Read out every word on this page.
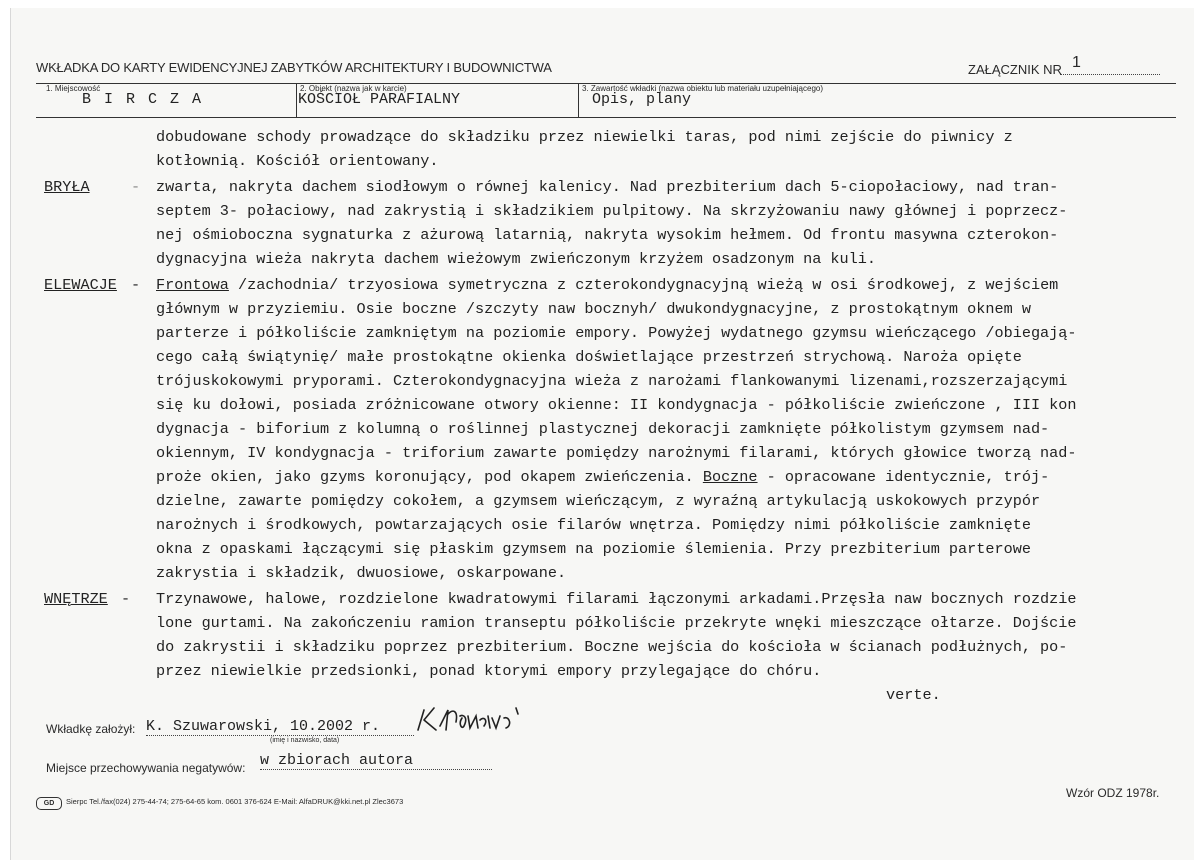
WKŁADKA DO KARTY EWIDENCYJNEJ ZABYTKÓW ARCHITEKTURY I BUDOWNICTWA	ZAŁĄCZNIK NR 1
1. Miejscowość
B I R C Z A
2. Obiekt (nazwa jak w karcie)
KOŚCIOŁ PARAFIALNY
3. Zawartość wkładki (nazwa obiektu lub materiału uzupełniającego)
Opis, plany
dobudowane schody prowadzące do składziku przez niewielki taras, pod nimi zejście do piwnicy z
kotłownią. Kościół orientowany.
BRYŁA	- zwarta, nakryta dachem siodłowym o równej kalenicy. Nad prezbiterium dach 5-ciopołaciowy, nad tran-
septem 3- połaciowy, nad zakrystią i składzikiem pulpitowy. Na skrzyżowaniu nawy głównej i poprzecz-
nej ośmioboczna sygnaturka z ażurową latarnią, nakryta wysokim hełmem. Od frontu masywna czterokon-
dygnacyjna wieża nakryta dachem wieżowym zwieńczonym krzyżem osadzonym na kuli.
ELEWACJE - Frontowa /zachodnia/ trzyosiowa symetryczna z czterokondygnacyjną wieżą w osi środkowej, z wejściem
głównym w przyziemiu. Osie boczne /szczyty naw bocznyh/ dwukondygnacyjne, z prostokątnym oknem w
parterze i półkoliście zamkniętym na poziomie empory. Powyżej wydatnego gzymsu wieńczącego /obiegają-
cego całą świątynię/ małe prostokątne okienka doświetlające przestrzeń strychową. Naroża opięte
trójuskokowymi pryporami. Czterokondygnacyjna wieża z narożami flankowanymi lizenami,rozszerzającymi
się ku dołowi, posiada zróżnicowane otwory okienne: II kondygnacja - półkoliście zwieńczone , III kon
dygnacja - biforium z kolumną o roślinnej plastycznej dekoracji zamknięte półkolistym gzymsem nad-
okiennym, IV kondygnacja - triforium zawarte pomiędzy narożnymi filarami, których głowice tworzą nad-
proże okien, jako gzyms koronujący, pod okapem zwieńczenia. Boczne - opracowane identycznie, trój-
dzielne, zawarte pomiędzy cokołem, a gzymsem wieńczącym, z wyraźną artykulacją uskokowych przypór
narożnych i środkowych, powtarzających osie filarów wnętrza. Pomiędzy nimi półkoliście zamknięte
okna z opaskami łączącymi się płaskim gzymsem na poziomie ślemienia. Przy prezbiterium parterowe
zakrystia i składzik, dwuosiowe, oskarpowane.
WNĘTRZE - Trzynawowe, halowe, rozdzielone kwadratowymi filarami łączonymi arkadami.Przęsła naw bocznych rozdzie
lone gurtami. Na zakończeniu ramion transeptu półkoliście przekryte wnęki mieszczące ołtarze. Dojście
do zakrystii i składziku poprzez prezbiterium. Boczne wejścia do kościoła w ścianach podłużnych, po-
przez niewielkie przedsionki, ponad ktorymi empory przylegające do chóru.
verte.
Wkładkę założył: K. Szuwarowski, 10.2002 r.
(imię i nazwisko, data)
Miejsce przechowywania negatywów: w zbiorach autora
GD	Sierpc Tel./fax(024) 275-44-74; 275-64-65 kom. 0601 376-624 E-Mail: AlfaDRUK@kki.net.pl Zlec3673
Wzór ODZ 1978r.
